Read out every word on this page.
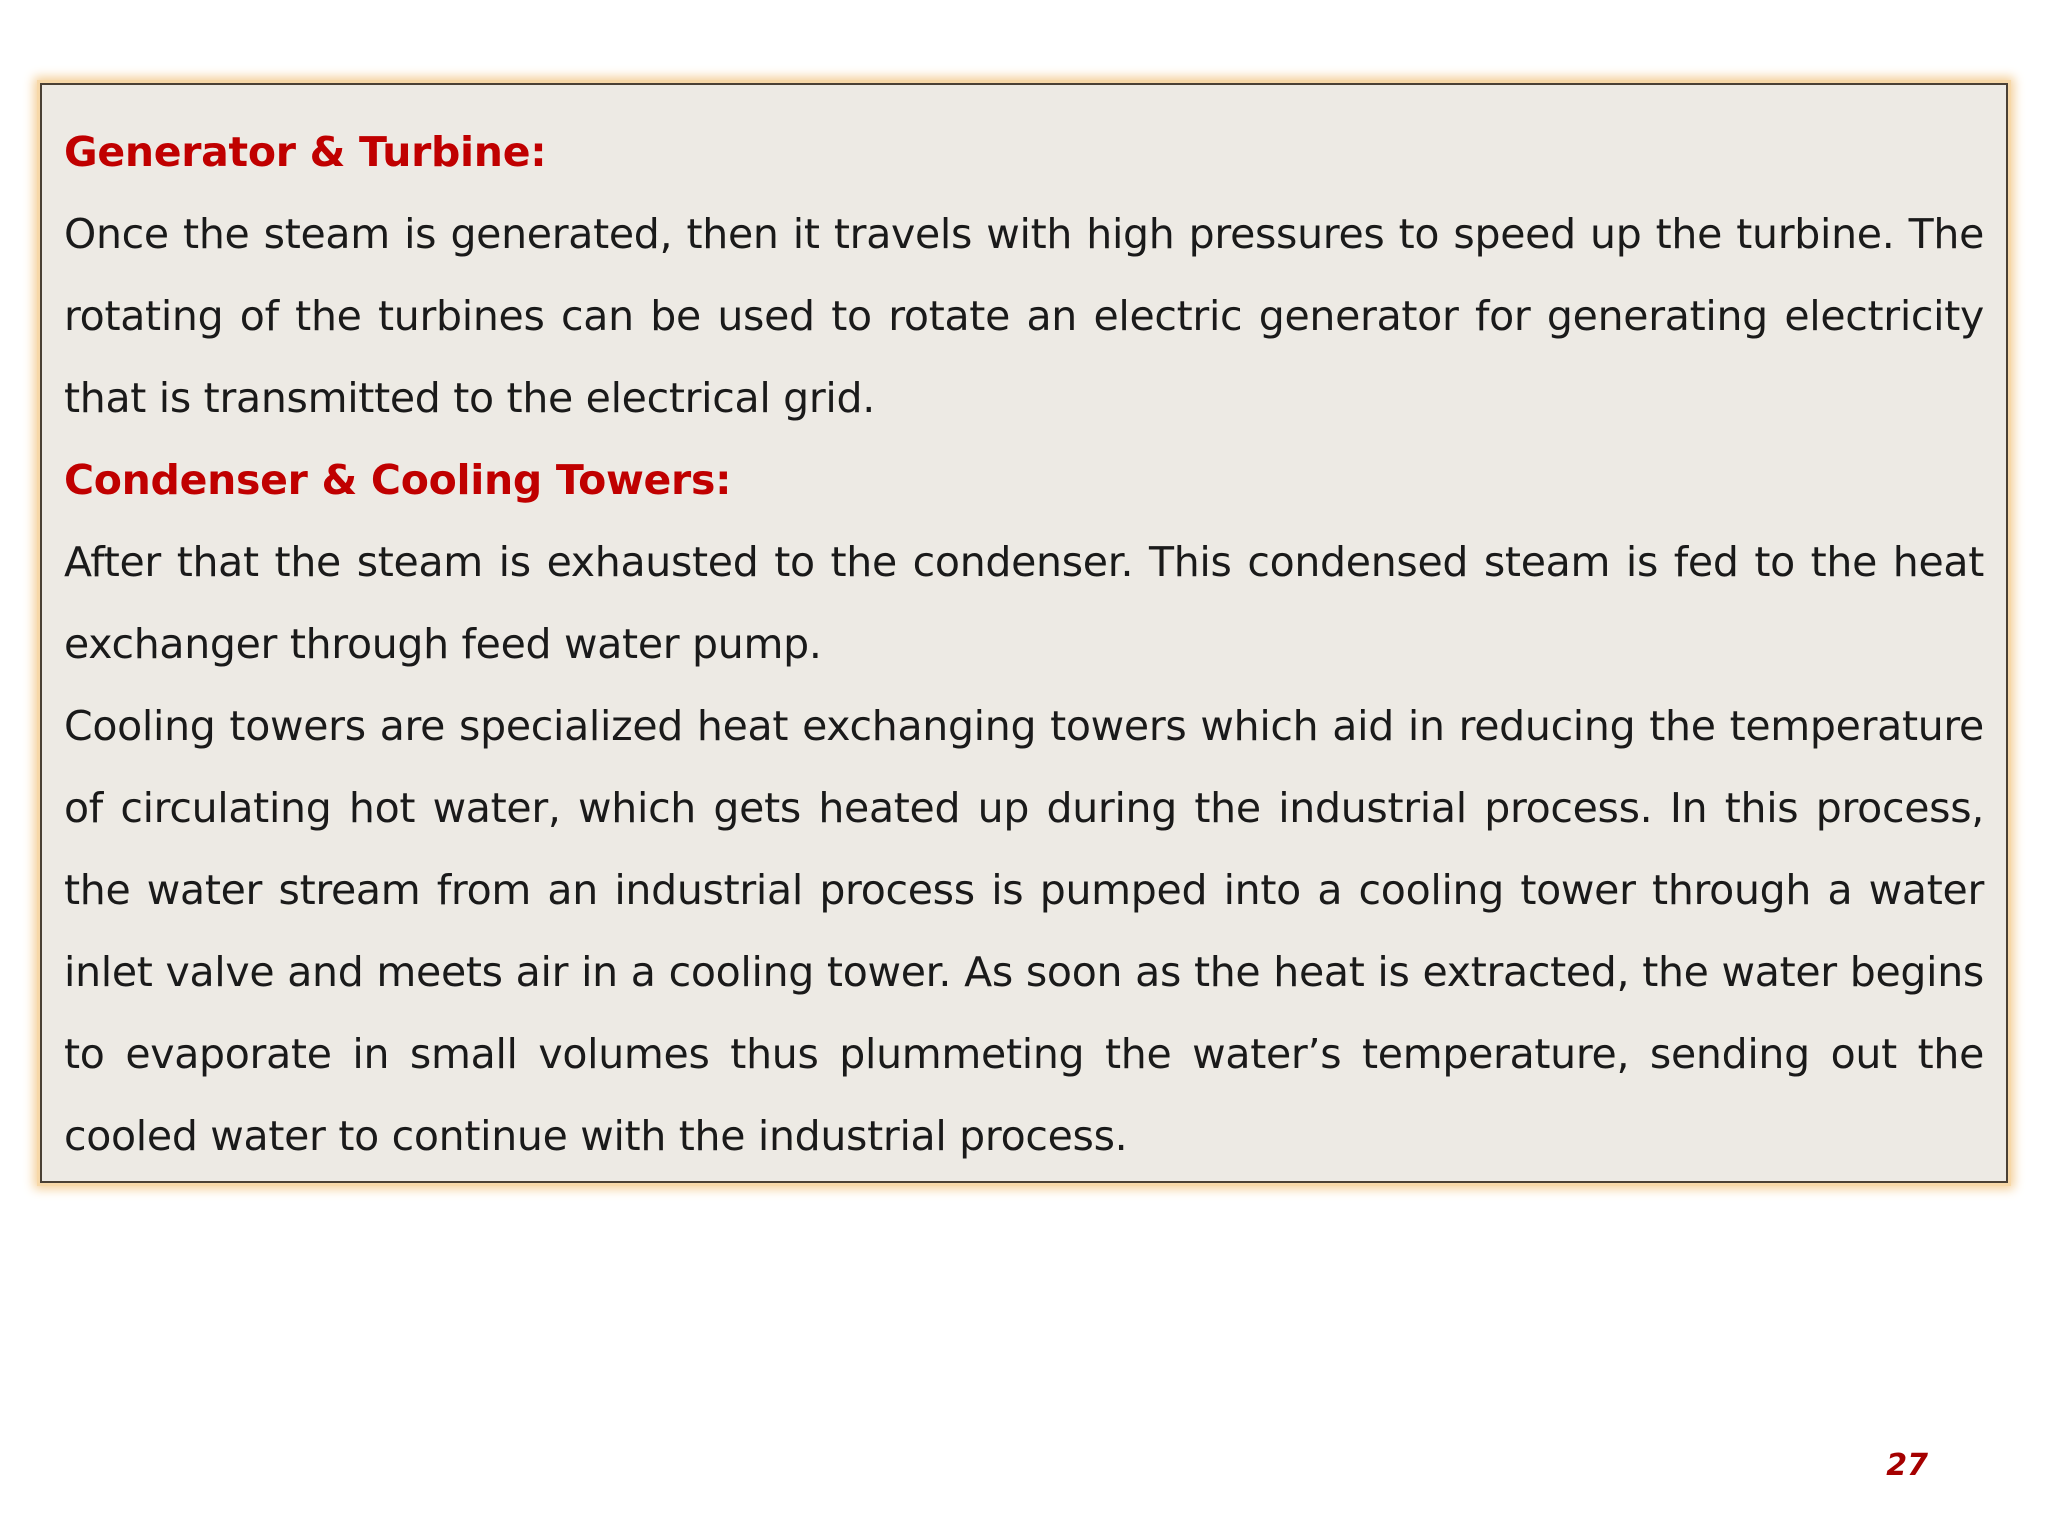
Generator & Turbine:

Once the steam is generated, then it travels with high pressures to speed up the turbine. The rotating of the turbines can be used to rotate an electric generator for generating electricity that is transmitted to the electrical grid.

Condenser & Cooling Towers:

After that the steam is exhausted to the condenser. This condensed steam is fed to the heat exchanger through feed water pump.

Cooling towers are specialized heat exchanging towers which aid in reducing the temperature of circulating hot water, which gets heated up during the industrial process. In this process, the water stream from an industrial process is pumped into a cooling tower through a water inlet valve and meets air in a cooling tower. As soon as the heat is extracted, the water begins to evaporate in small volumes thus plummeting the water’s temperature, sending out the cooled water to continue with the industrial process.

27
